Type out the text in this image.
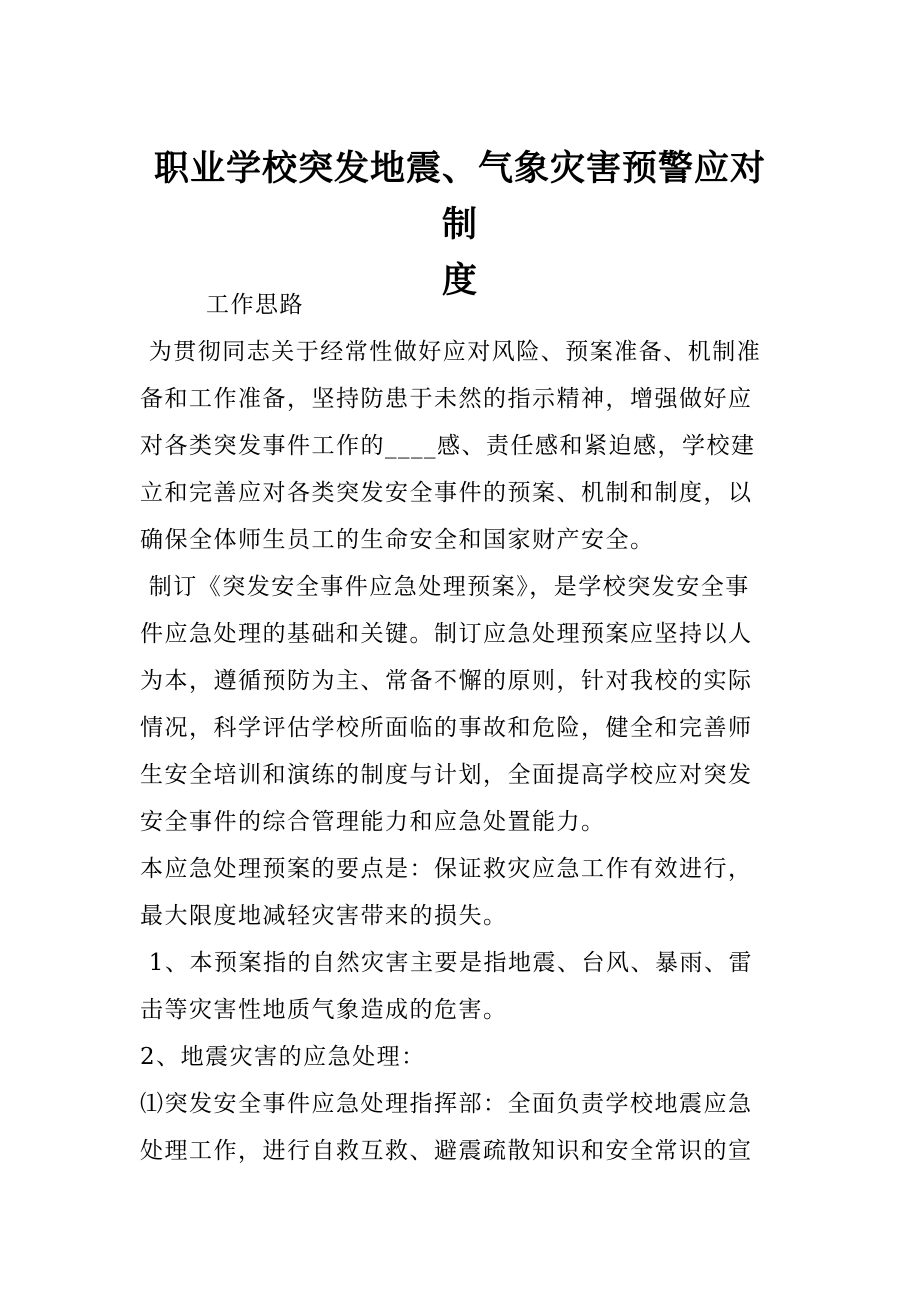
职业学校突发地震、气象灾害预警应对制
度
工作思路
为贯彻同志关于经常性做好应对风险、预案准备、机制准
备和工作准备，坚持防患于未然的指示精神，增强做好应
对各类突发事件工作的____感、责任感和紧迫感，学校建
立和完善应对各类突发安全事件的预案、机制和制度，以
确保全体师生员工的生命安全和国家财产安全。
制订《突发安全事件应急处理预案》，是学校突发安全事
件应急处理的基础和关键。制订应急处理预案应坚持以人
为本，遵循预防为主、常备不懈的原则，针对我校的实际
情况，科学评估学校所面临的事故和危险，健全和完善师
生安全培训和演练的制度与计划，全面提高学校应对突发
安全事件的综合管理能力和应急处置能力。
本应急处理预案的要点是：保证救灾应急工作有效进行，
最大限度地减轻灾害带来的损失。
1、本预案指的自然灾害主要是指地震、台风、暴雨、雷
击等灾害性地质气象造成的危害。
2、地震灾害的应急处理：
⑴突发安全事件应急处理指挥部：全面负责学校地震应急
处理工作，进行自救互救、避震疏散知识和安全常识的宣
